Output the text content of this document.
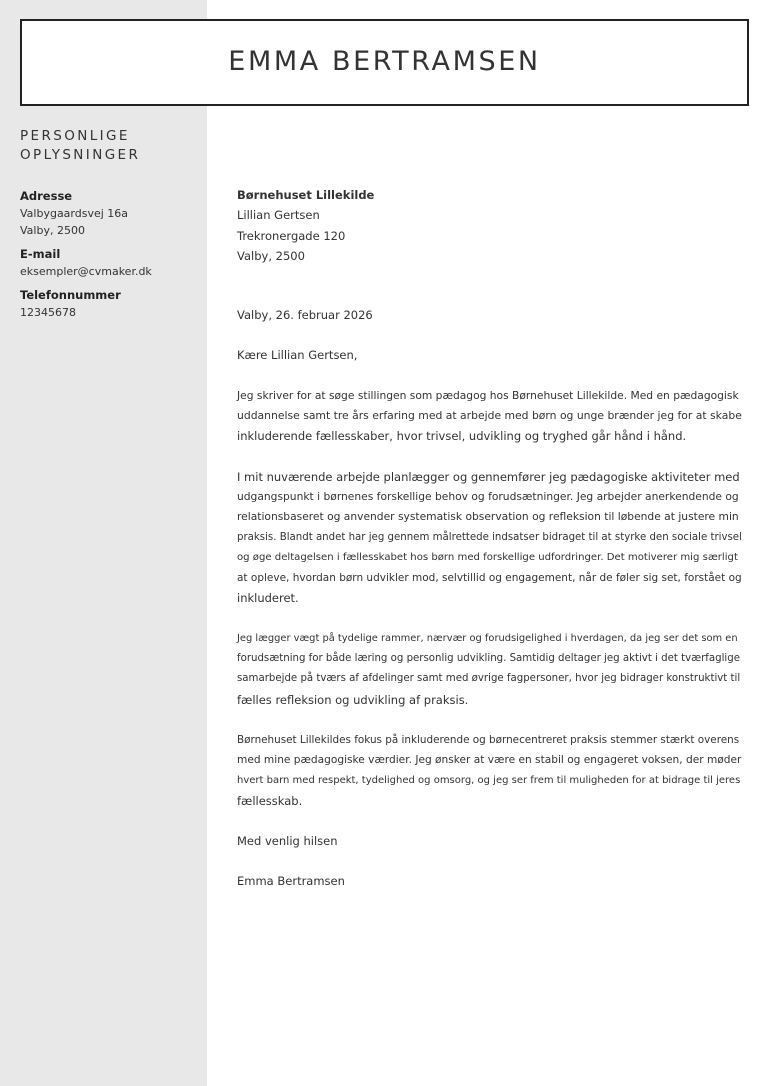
EMMA BERTRAMSEN
PERSONLIGE
OPLYSNINGER
Adresse
Valbygaardsvej 16a
Valby, 2500
E-mail
eksempler@cvmaker.dk
Telefonnummer
12345678
Børnehuset Lillekilde
Lillian Gertsen
Trekronergade 120
Valby, 2500
Valby, 26. februar 2026
Kære Lillian Gertsen,
Jeg skriver for at søge stillingen som pædagog hos Børnehuset Lillekilde. Med en pædagogisk
uddannelse samt tre års erfaring med at arbejde med børn og unge brænder jeg for at skabe
inkluderende fællesskaber, hvor trivsel, udvikling og tryghed går hånd i hånd.
I mit nuværende arbejde planlægger og gennemfører jeg pædagogiske aktiviteter med
udgangspunkt i børnenes forskellige behov og forudsætninger. Jeg arbejder anerkendende og
relationsbaseret og anvender systematisk observation og refleksion til løbende at justere min
praksis. Blandt andet har jeg gennem målrettede indsatser bidraget til at styrke den sociale trivsel
og øge deltagelsen i fællesskabet hos børn med forskellige udfordringer. Det motiverer mig særligt
at opleve, hvordan børn udvikler mod, selvtillid og engagement, når de føler sig set, forstået og
inkluderet.
Jeg lægger vægt på tydelige rammer, nærvær og forudsigelighed i hverdagen, da jeg ser det som en
forudsætning for både læring og personlig udvikling. Samtidig deltager jeg aktivt i det tværfaglige
samarbejde på tværs af afdelinger samt med øvrige fagpersoner, hvor jeg bidrager konstruktivt til
fælles refleksion og udvikling af praksis.
Børnehuset Lillekildes fokus på inkluderende og børnecentreret praksis stemmer stærkt overens
med mine pædagogiske værdier. Jeg ønsker at være en stabil og engageret voksen, der møder
hvert barn med respekt, tydelighed og omsorg, og jeg ser frem til muligheden for at bidrage til jeres
fællesskab.
Med venlig hilsen
Emma Bertramsen
